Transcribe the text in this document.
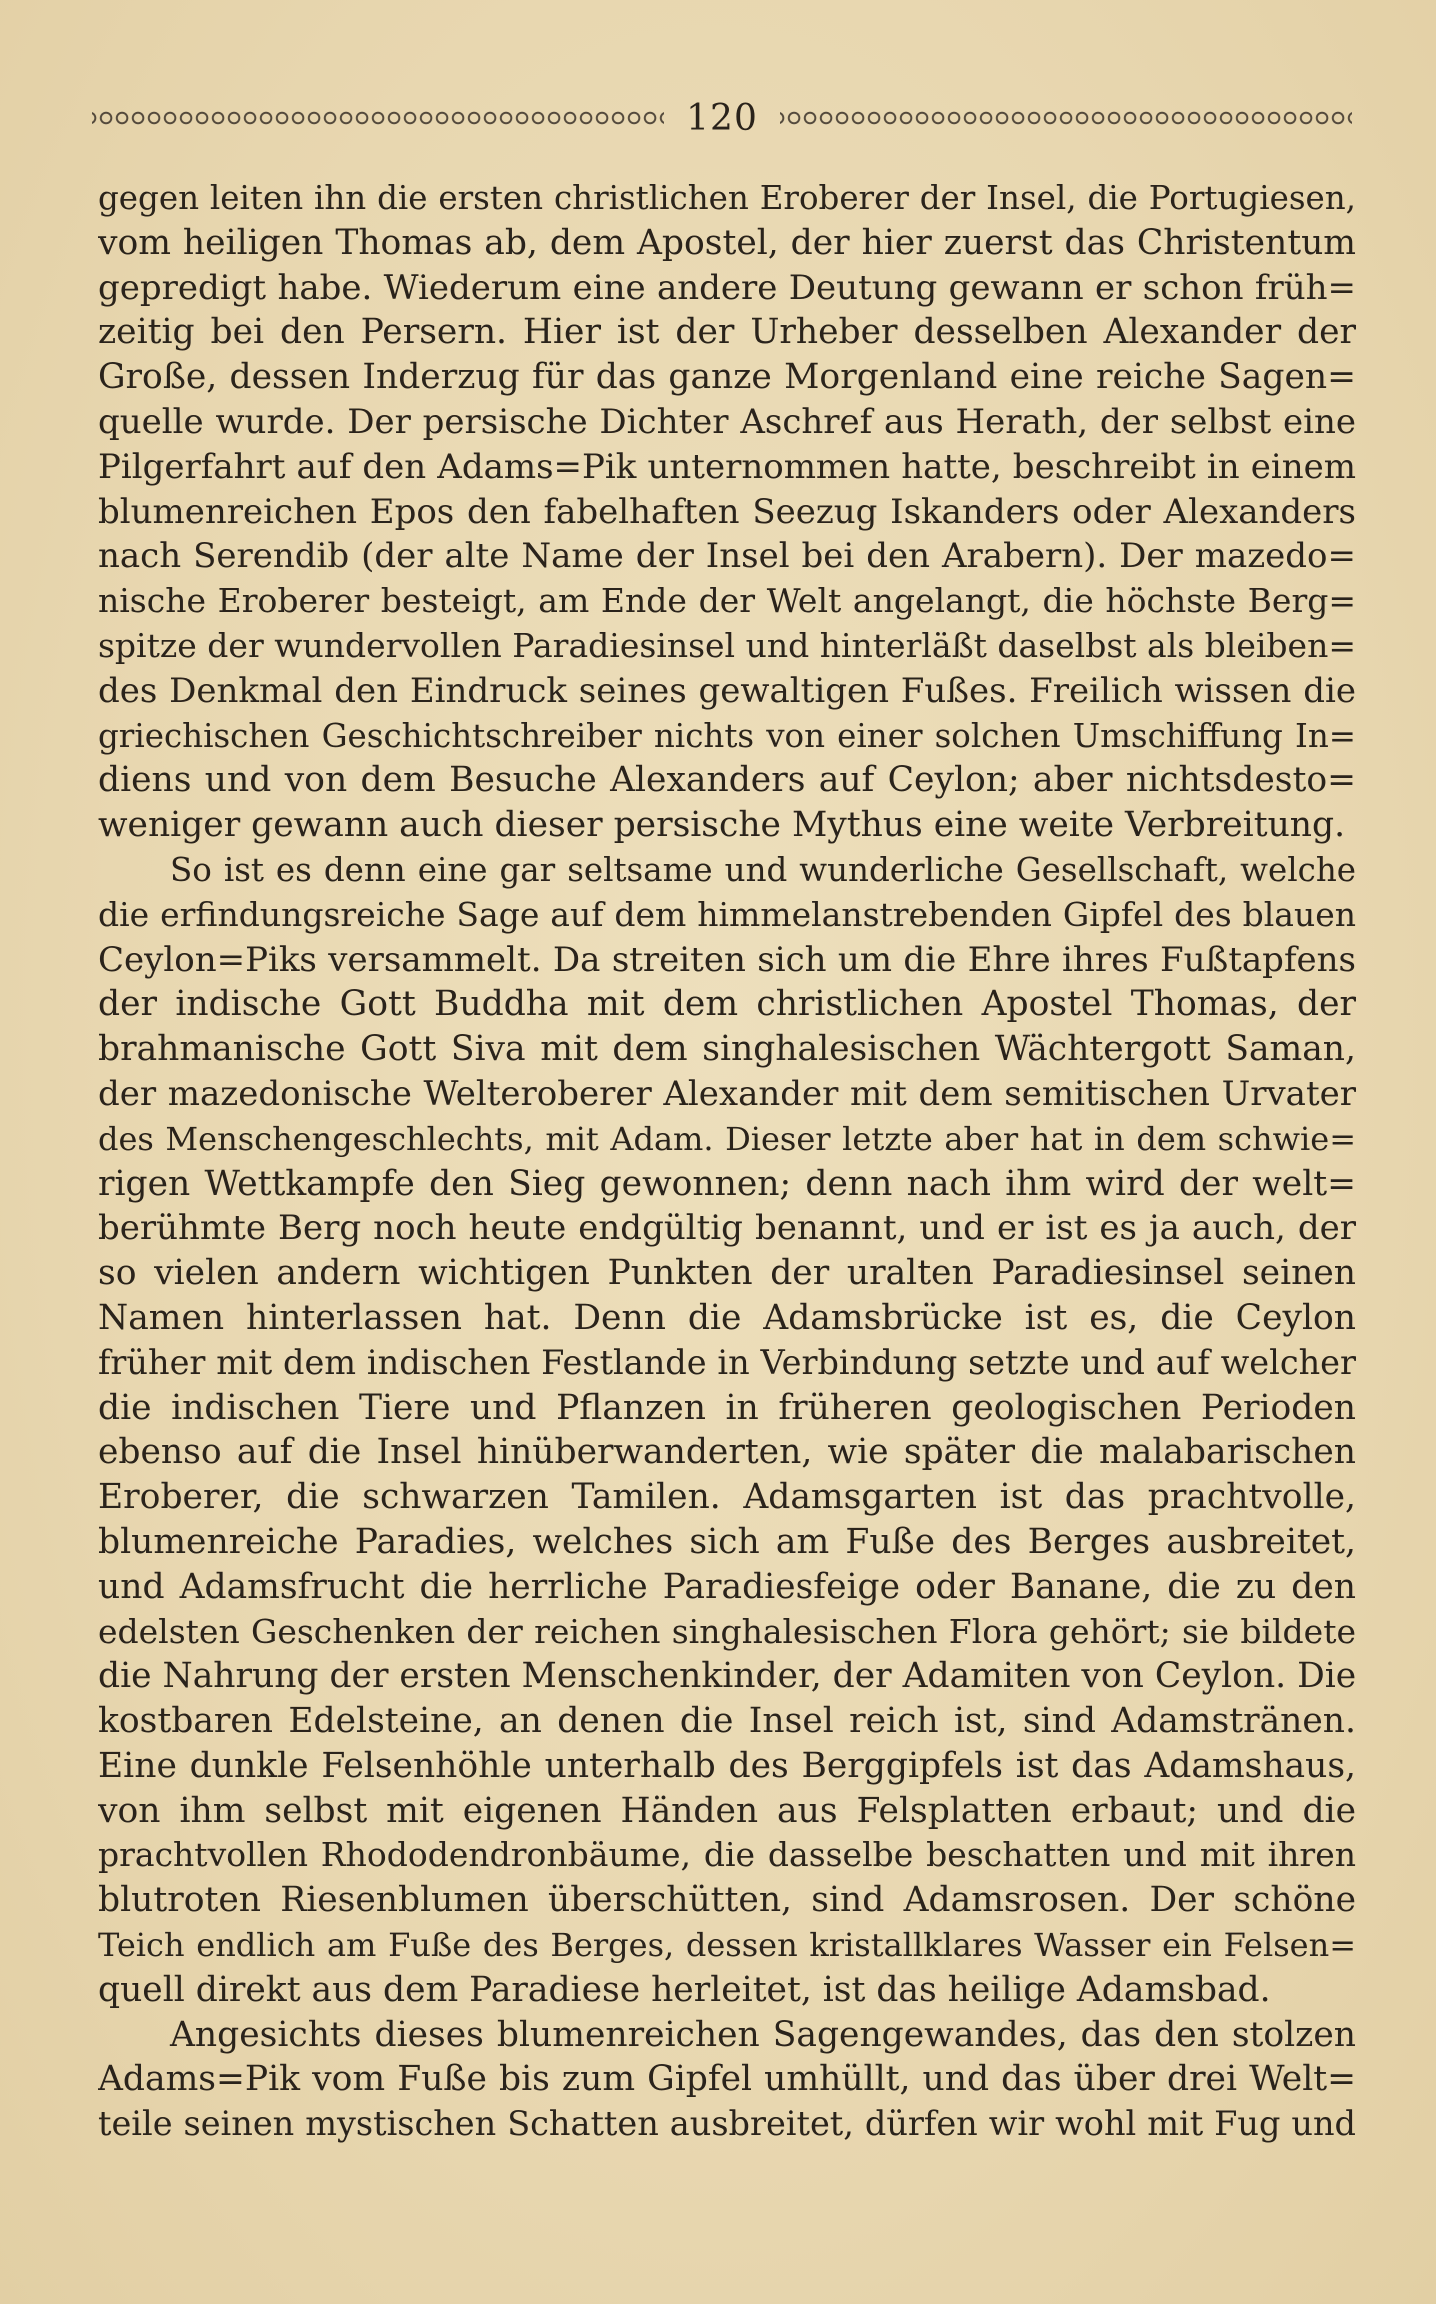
120
gegen leiten ihn die ersten christlichen Eroberer der Insel, die Portugiesen,
vom heiligen Thomas ab, dem Apostel, der hier zuerst das Christentum
gepredigt habe. Wiederum eine andere Deutung gewann er schon früh=
zeitig bei den Persern. Hier ist der Urheber desselben Alexander der
Große, dessen Inderzug für das ganze Morgenland eine reiche Sagen=
quelle wurde. Der persische Dichter Aschref aus Herath, der selbst eine
Pilgerfahrt auf den Adams=Pik unternommen hatte, beschreibt in einem
blumenreichen Epos den fabelhaften Seezug Iskanders oder Alexanders
nach Serendib (der alte Name der Insel bei den Arabern). Der mazedo=
nische Eroberer besteigt, am Ende der Welt angelangt, die höchste Berg=
spitze der wundervollen Paradiesinsel und hinterläßt daselbst als bleiben=
des Denkmal den Eindruck seines gewaltigen Fußes. Freilich wissen die
griechischen Geschichtschreiber nichts von einer solchen Umschiffung In=
diens und von dem Besuche Alexanders auf Ceylon; aber nichtsdesto=
weniger gewann auch dieser persische Mythus eine weite Verbreitung.
So ist es denn eine gar seltsame und wunderliche Gesellschaft, welche
die erfindungsreiche Sage auf dem himmelanstrebenden Gipfel des blauen
Ceylon=Piks versammelt. Da streiten sich um die Ehre ihres Fußtapfens
der indische Gott Buddha mit dem christlichen Apostel Thomas, der
brahmanische Gott Siva mit dem singhalesischen Wächtergott Saman,
der mazedonische Welteroberer Alexander mit dem semitischen Urvater
des Menschengeschlechts, mit Adam. Dieser letzte aber hat in dem schwie=
rigen Wettkampfe den Sieg gewonnen; denn nach ihm wird der welt=
berühmte Berg noch heute endgültig benannt, und er ist es ja auch, der
so vielen andern wichtigen Punkten der uralten Paradiesinsel seinen
Namen hinterlassen hat. Denn die Adamsbrücke ist es, die Ceylon
früher mit dem indischen Festlande in Verbindung setzte und auf welcher
die indischen Tiere und Pflanzen in früheren geologischen Perioden
ebenso auf die Insel hinüberwanderten, wie später die malabarischen
Eroberer, die schwarzen Tamilen. Adamsgarten ist das prachtvolle,
blumenreiche Paradies, welches sich am Fuße des Berges ausbreitet,
und Adamsfrucht die herrliche Paradiesfeige oder Banane, die zu den
edelsten Geschenken der reichen singhalesischen Flora gehört; sie bildete
die Nahrung der ersten Menschenkinder, der Adamiten von Ceylon. Die
kostbaren Edelsteine, an denen die Insel reich ist, sind Adamstränen.
Eine dunkle Felsenhöhle unterhalb des Berggipfels ist das Adamshaus,
von ihm selbst mit eigenen Händen aus Felsplatten erbaut; und die
prachtvollen Rhododendronbäume, die dasselbe beschatten und mit ihren
blutroten Riesenblumen überschütten, sind Adamsrosen. Der schöne
Teich endlich am Fuße des Berges, dessen kristallklares Wasser ein Felsen=
quell direkt aus dem Paradiese herleitet, ist das heilige Adamsbad.
Angesichts dieses blumenreichen Sagengewandes, das den stolzen
Adams=Pik vom Fuße bis zum Gipfel umhüllt, und das über drei Welt=
teile seinen mystischen Schatten ausbreitet, dürfen wir wohl mit Fug und
